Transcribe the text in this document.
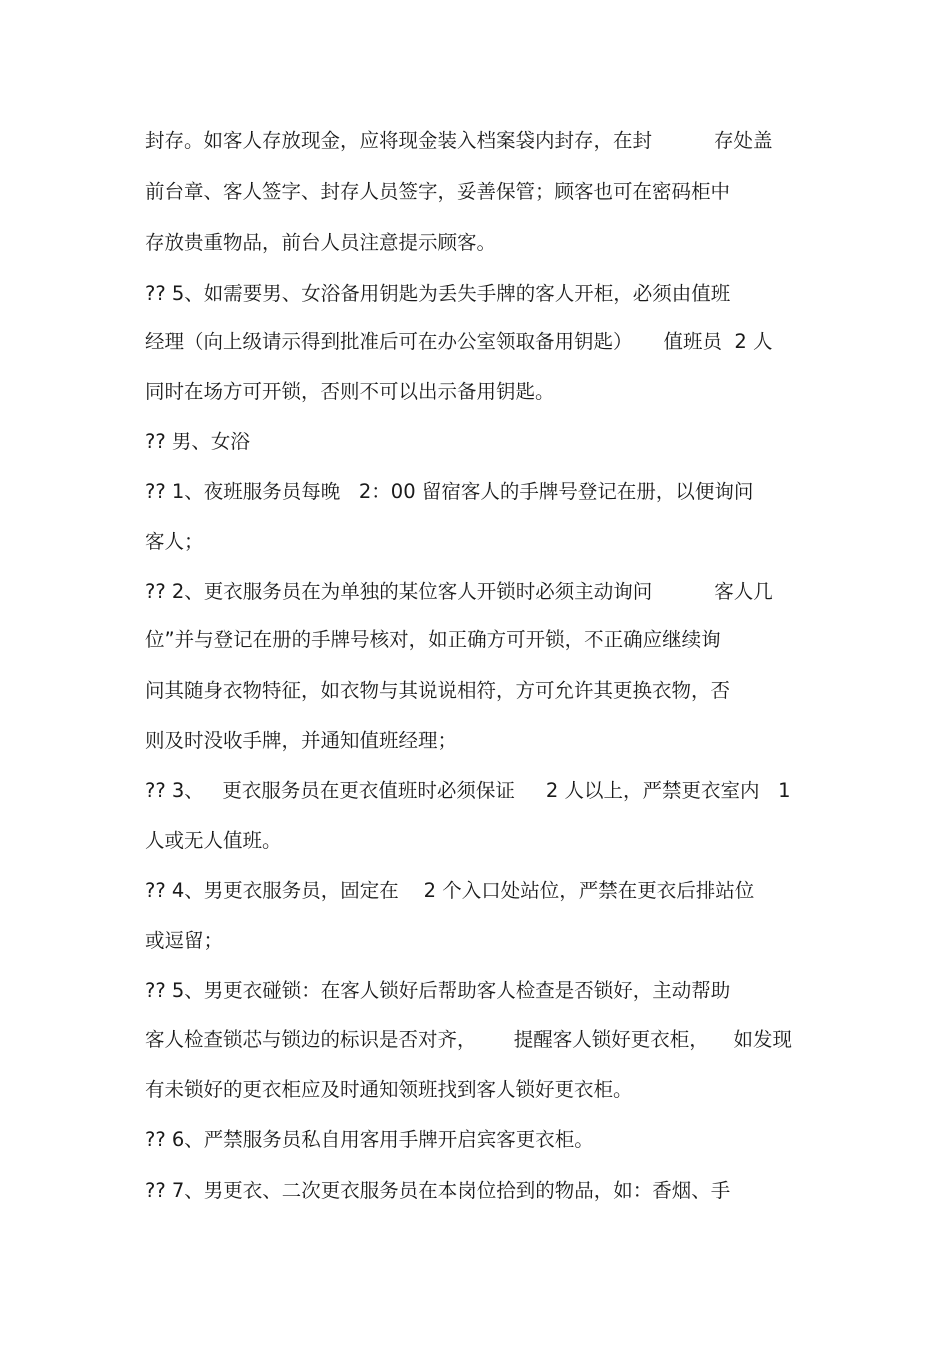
封存。如客人存放现金，应将现金装入档案袋内封存，在封          存处盖
前台章、客人签字、封存人员签字，妥善保管；顾客也可在密码柜中
存放贵重物品，前台人员注意提示顾客。
?? 5、如需要男、女浴备用钥匙为丢失手牌的客人开柜，必须由值班
经理（向上级请示得到批准后可在办公室领取备用钥匙）     值班员  2 人
同时在场方可开锁，否则不可以出示备用钥匙。
?? 男、女浴
?? 1、夜班服务员每晚   2：00 留宿客人的手牌号登记在册，以便询问
客人；
?? 2、更衣服务员在为单独的某位客人开锁时必须主动询问          客人几
位”并与登记在册的手牌号核对，如正确方可开锁，不正确应继续询
问其随身衣物特征，如衣物与其说说相符，方可允许其更换衣物，否
则及时没收手牌，并通知值班经理；
?? 3、   更衣服务员在更衣值班时必须保证     2 人以上，严禁更衣室内   1
人或无人值班。
?? 4、男更衣服务员，固定在    2 个入口处站位，严禁在更衣后排站位
或逗留；
?? 5、男更衣碰锁：在客人锁好后帮助客人检查是否锁好，主动帮助
客人检查锁芯与锁边的标识是否对齐，      提醒客人锁好更衣柜，    如发现
有未锁好的更衣柜应及时通知领班找到客人锁好更衣柜。
?? 6、严禁服务员私自用客用手牌开启宾客更衣柜。
?? 7、男更衣、二次更衣服务员在本岗位拾到的物品，如：香烟、手
